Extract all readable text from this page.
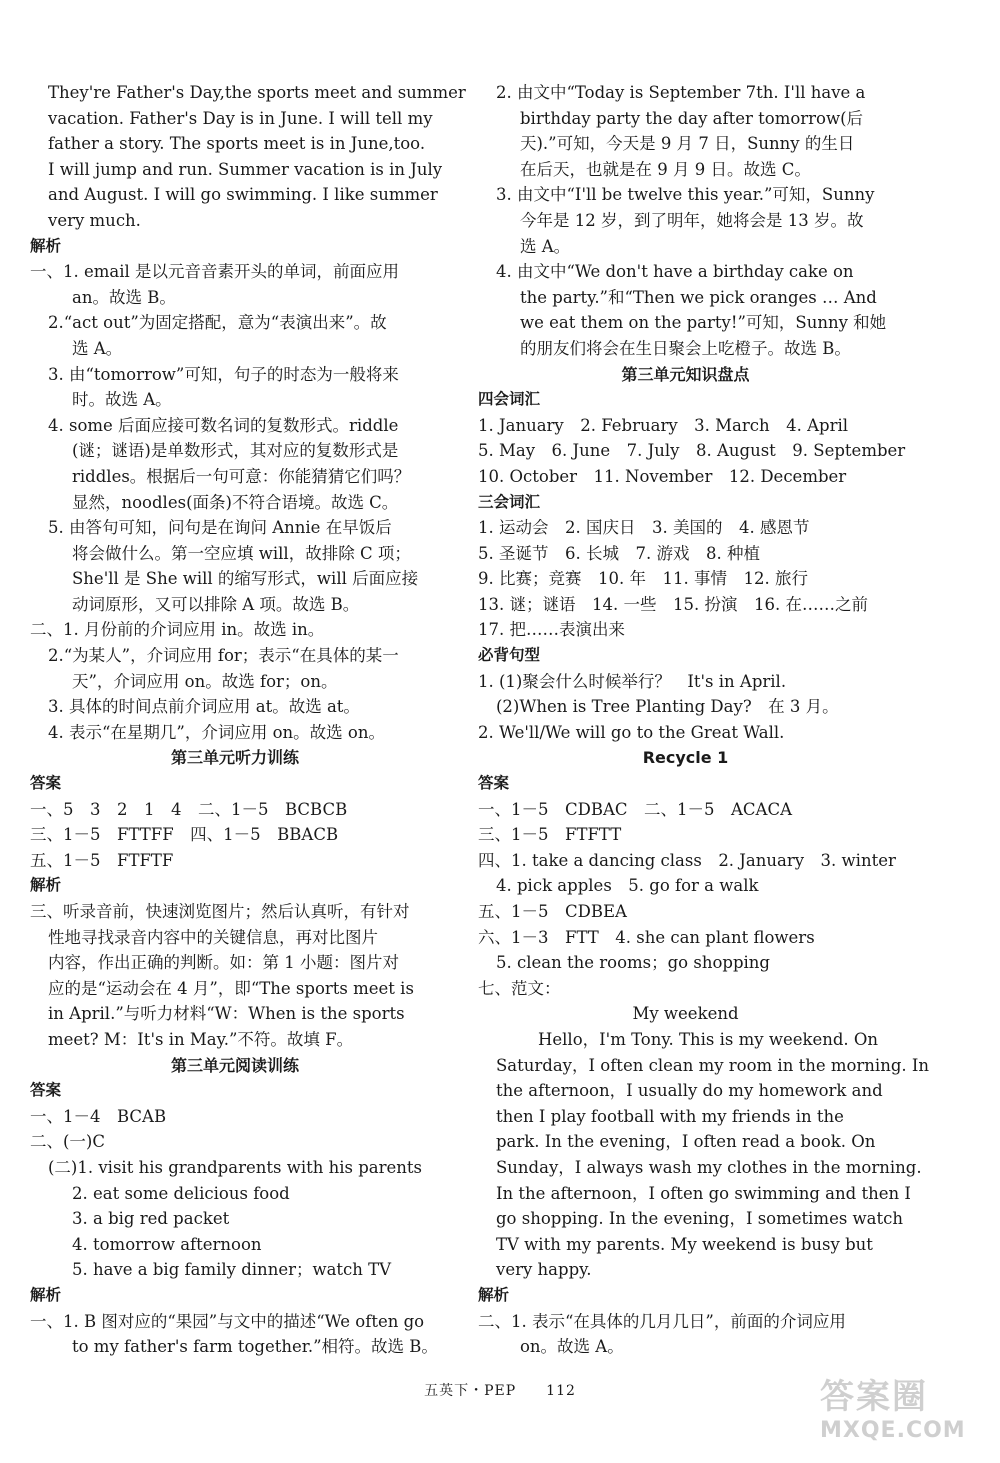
They're Father's Day,the sports meet and summer
vacation. Father's Day is in June. I will tell my
father a story. The sports meet is in June,too.
I will jump and run. Summer vacation is in July
and August. I will go swimming. I like summer
very much.
解析
一、1. email 是以元音音素开头的单词，前面应用
an。故选 B。
2.“act out”为固定搭配，意为“表演出来”。故
选 A。
3. 由“tomorrow”可知，句子的时态为一般将来
时。故选 A。
4. some 后面应接可数名词的复数形式。riddle
(谜；谜语)是单数形式，其对应的复数形式是
riddles。根据后一句可意：你能猜猜它们吗？
显然，noodles(面条)不符合语境。故选 C。
5. 由答句可知，问句是在询问 Annie 在早饭后
将会做什么。第一空应填 will，故排除 C 项；
She'll 是 She will 的缩写形式，will 后面应接
动词原形，又可以排除 A 项。故选 B。
二、1. 月份前的介词应用 in。故选 in。
2.“为某人”，介词应用 for；表示“在具体的某一
天”，介词应用 on。故选 for；on。
3. 具体的时间点前介词应用 at。故选 at。
4. 表示“在星期几”，介词应用 on。故选 on。
第三单元听力训练
答案
一、5　3　2　1　4　二、1－5　BCBCB
三、1－5　FTTFF　四、1－5　BBACB
五、1－5　FTFTF
解析
三、听录音前，快速浏览图片；然后认真听，有针对
性地寻找录音内容中的关键信息，再对比图片
内容，作出正确的判断。如：第 1 小题：图片对
应的是“运动会在 4 月”，即“The sports meet is
in April.”与听力材料“W：When is the sports
meet? M：It's in May.”不符。故填 F。
第三单元阅读训练
答案
一、1－4　BCAB
二、(一)C
(二)1. visit his grandparents with his parents
2. eat some delicious food
3. a big red packet
4. tomorrow afternoon
5. have a big family dinner；watch TV
解析
一、1. B 图对应的“果园”与文中的描述“We often go
to my father's farm together.”相符。故选 B。
2. 由文中“Today is September 7th. I'll have a
birthday party the day after tomorrow(后
天).”可知，今天是 9 月 7 日，Sunny 的生日
在后天，也就是在 9 月 9 日。故选 C。
3. 由文中“I'll be twelve this year.”可知，Sunny
今年是 12 岁，到了明年，她将会是 13 岁。故
选 A。
4. 由文中“We don't have a birthday cake on
the party.”和“Then we pick oranges … And
we eat them on the party!”可知，Sunny 和她
的朋友们将会在生日聚会上吃橙子。故选 B。
第三单元知识盘点
四会词汇
1. January　2. February　3. March　4. April
5. May　6. June　7. July　8. August　9. September
10. October　11. November　12. December
三会词汇
1. 运动会　2. 国庆日　3. 美国的　4. 感恩节
5. 圣诞节　6. 长城　7. 游戏　8. 种植
9. 比赛；竞赛　10. 年　11. 事情　12. 旅行
13. 谜；谜语　14. 一些　15. 扮演　16. 在……之前
17. 把……表演出来
必背句型
1. (1)聚会什么时候举行？　It's in April.
(2)When is Tree Planting Day?　在 3 月。
2. We'll/We will go to the Great Wall.
Recycle 1
答案
一、1－5　CDBAC　二、1－5　ACACA
三、1－5　FTFTT
四、1. take a dancing class　2. January　3. winter
4. pick apples　5. go for a walk
五、1－5　CDBEA
六、1－3　FTT　4. she can plant flowers
5. clean the rooms；go shopping
七、范文：
My weekend
Hello，I'm Tony. This is my weekend. On
Saturday，I often clean my room in the morning. In
the afternoon，I usually do my homework and
then I play football with my friends in the
park. In the evening，I often read a book. On
Sunday，I always wash my clothes in the morning.
In the afternoon，I often go swimming and then I
go shopping. In the evening，I sometimes watch
TV with my parents. My weekend is busy but
very happy.
解析
二、1. 表示“在具体的几月几日”，前面的介词应用
on。故选 A。
五英下・PEP　　112	答案圈
MXQE.COM
